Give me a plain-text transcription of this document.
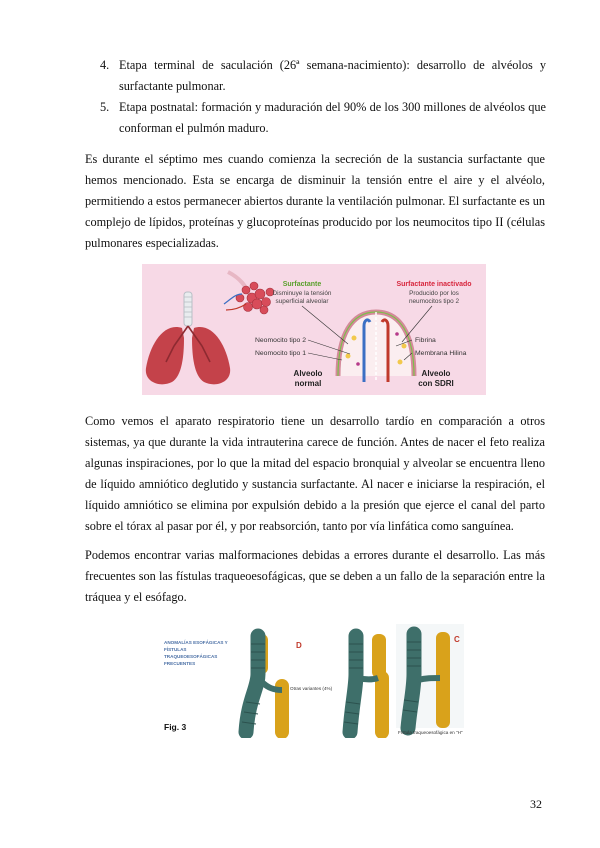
4. Etapa terminal de saculación (26ª semana-nacimiento): desarrollo de alvéolos y surfactante pulmonar.
5. Etapa postnatal: formación y maduración del 90% de los 300 millones de alvéolos que conforman el pulmón maduro.
Es durante el séptimo mes cuando comienza la secreción de la sustancia surfactante que hemos mencionado. Esta se encarga de disminuir la tensión entre el aire y el alvéolo, permitiendo a estos permanecer abiertos durante la ventilación pulmonar. El surfactante es un complejo de lípidos, proteínas y glucoproteínas producido por los neumocitos tipo II (células pulmonares especializadas.
Surfactante
Disminuye la tensión
superficial alveolar
Surfactante inactivado
Producido por los
neumocitos tipo 2
Neomocito tipo 2
Neomocito tipo 1
Fibrina
Membrana Hilina
Alveolo
normal
Alveolo
con SDRI
Como vemos el aparato respiratorio tiene un desarrollo tardío en comparación a otros sistemas, ya que durante la vida intrauterina carece de función. Antes de nacer el feto realiza algunas inspiraciones, por lo que la mitad del espacio bronquial y alveolar se encuentra lleno de líquido amniótico deglutido y sustancia surfactante. Al nacer e iniciarse la respiración, el líquido amniótico se elimina por expulsión debido a la presión que ejerce el canal del parto sobre el tórax al pasar por él, y por reabsorción, tanto por vía linfática como sanguínea.
Podemos encontrar varias malformaciones debidas a errores durante el desarrollo. Las más frecuentes son las fístulas traqueoesofágicas, que se deben a un fallo de la separación entre la tráquea y el esófago.
ANOMALÍAS ESOFÁGICAS Y
FÍSTULAS
TRAQUEOESOFÁGICAS
FRECUENTES
Fig. 3
D
Otras variantes (4%)
C
Fístula traqueoesofágica en "H"
32
